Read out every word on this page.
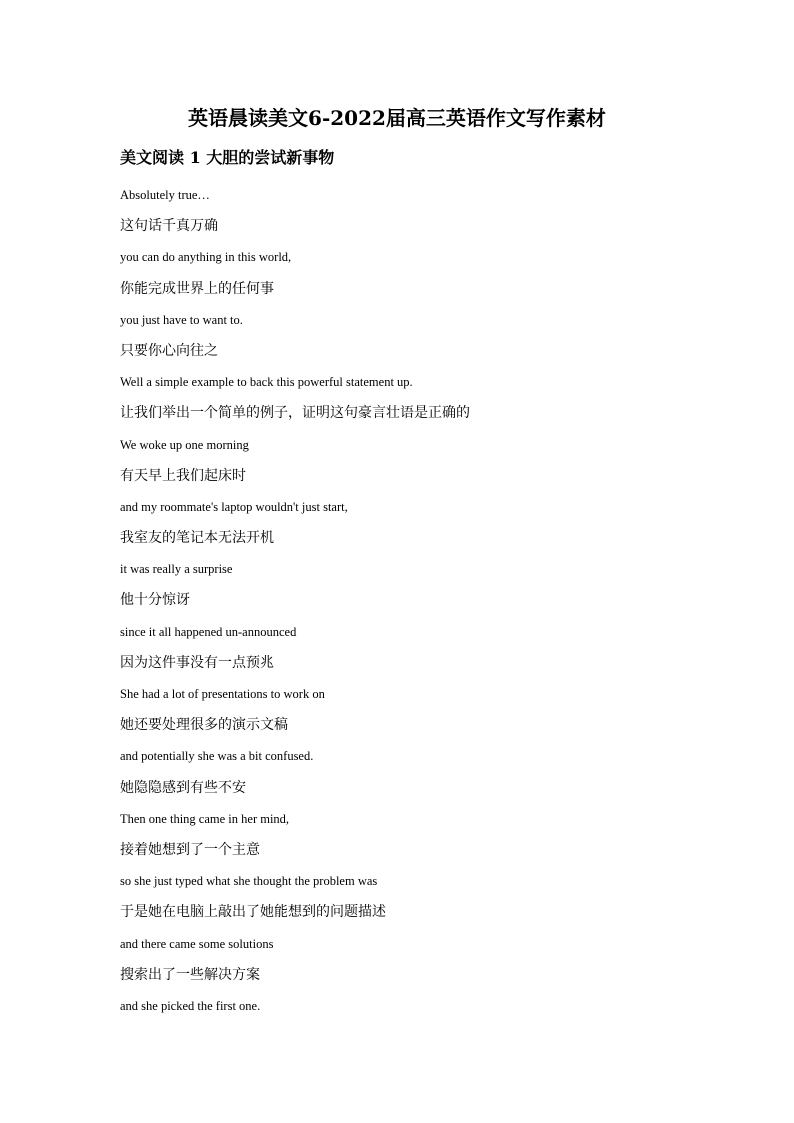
英语晨读美文6-2022届高三英语作文写作素材
美文阅读 1 大胆的尝试新事物
Absolutely true…
这句话千真万确
you can do anything in this world,
你能完成世界上的任何事
you just have to want to.
只要你心向往之
Well a simple example to back this powerful statement up.
让我们举出一个简单的例子，证明这句豪言壮语是正确的
We woke up one morning
有天早上我们起床时
and my roommate's laptop wouldn't just start,
我室友的笔记本无法开机
it was really a surprise
他十分惊讶
since it all happened un-announced
因为这件事没有一点预兆
She had a lot of presentations to work on
她还要处理很多的演示文稿
and potentially she was a bit confused.
她隐隐感到有些不安
Then one thing came in her mind,
接着她想到了一个主意
so she just typed what she thought the problem was
于是她在电脑上敲出了她能想到的问题描述
and there came some solutions
搜索出了一些解决方案
and she picked the first one.
